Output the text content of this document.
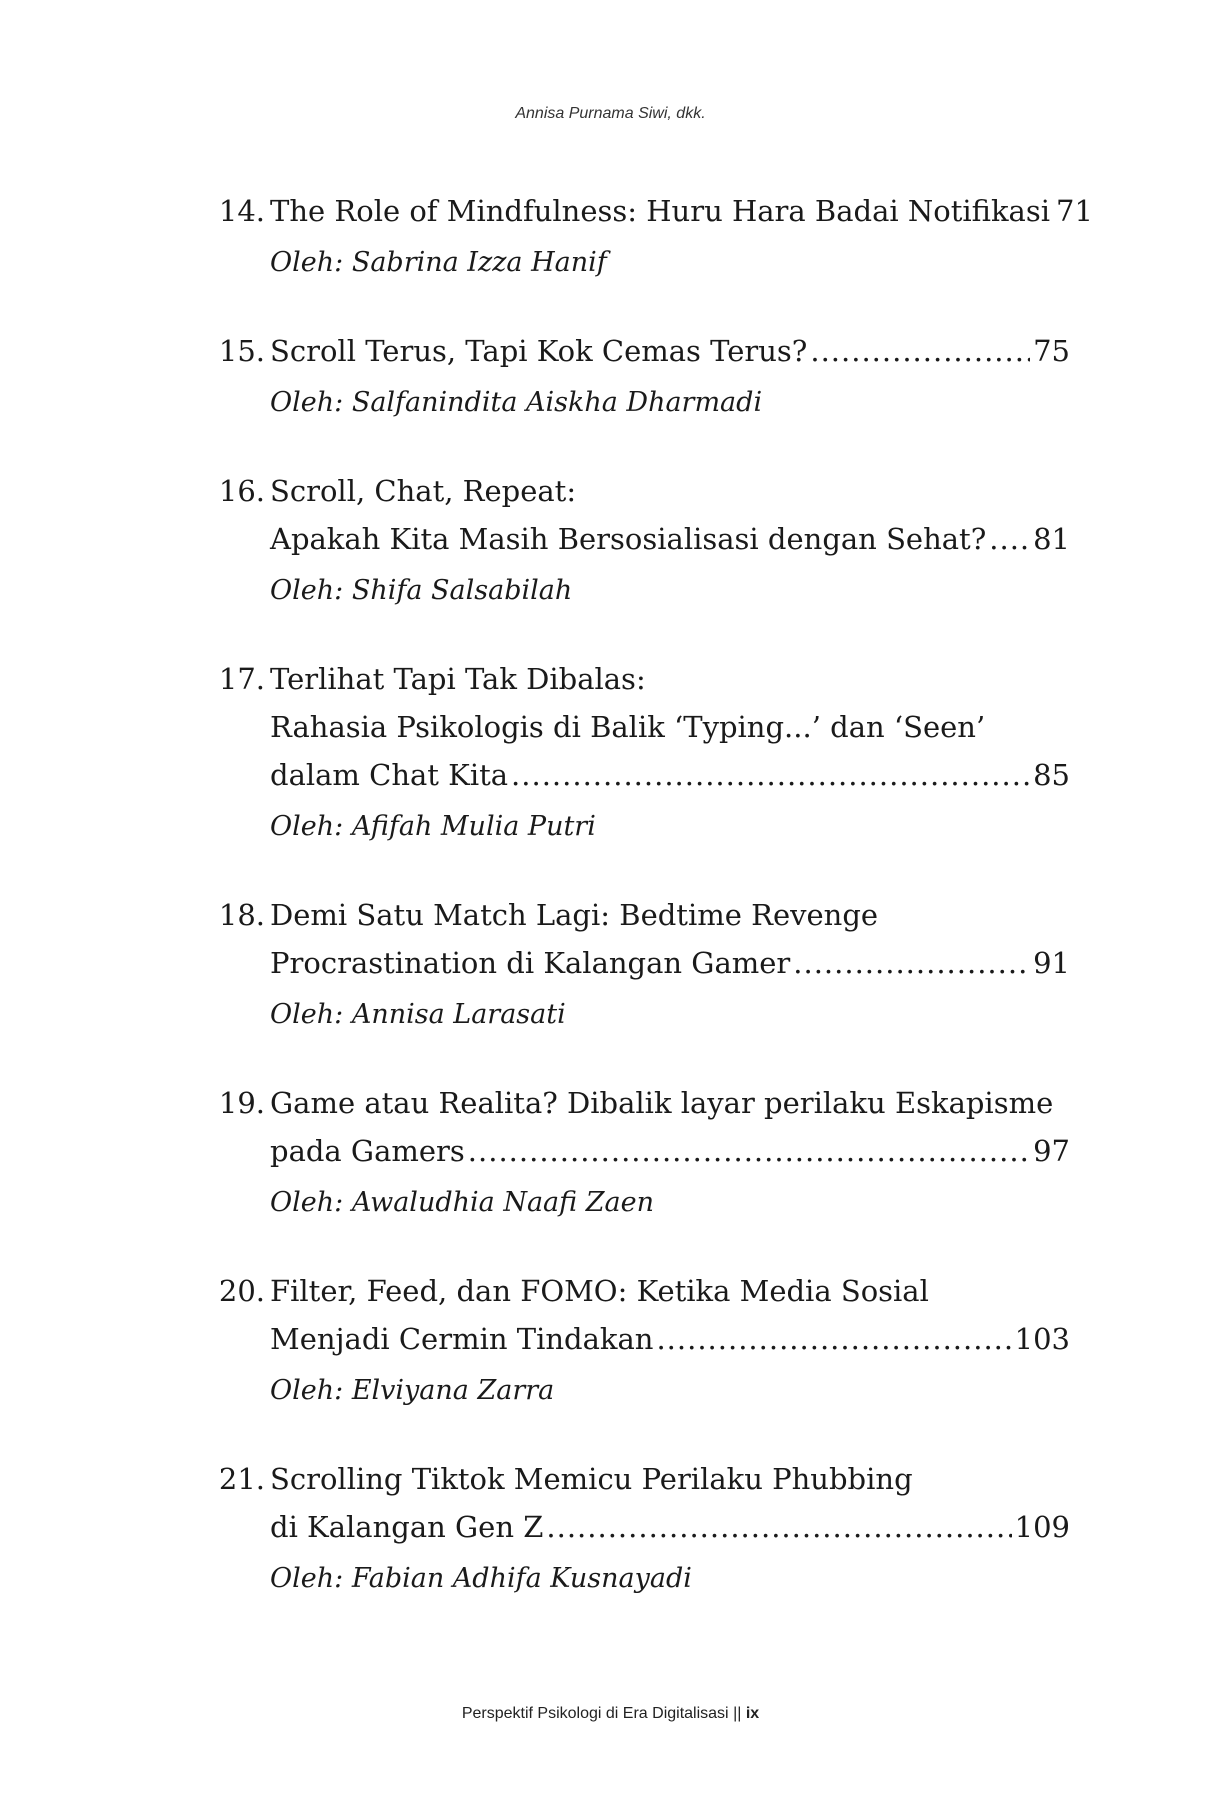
Annisa Purnama Siwi, dkk.
14. The Role of Mindfulness: Huru Hara Badai Notifikasi 71
Oleh: Sabrina Izza Hanif
15. Scroll Terus, Tapi Kok Cemas Terus? .....	75
Oleh: Salfanindita Aiskha Dharmadi
16. Scroll, Chat, Repeat:
Apakah Kita Masih Bersosialisasi dengan Sehat? ..... 81
Oleh: Shifa Salsabilah
17. Terlihat Tapi Tak Dibalas:
Rahasia Psikologis di Balik ‘Typing...’ dan ‘Seen’
dalam Chat Kita .....	85
Oleh: Afifah Mulia Putri
18. Demi Satu Match Lagi: Bedtime Revenge
Procrastination di Kalangan Gamer .....	91
Oleh: Annisa Larasati
19. Game atau Realita? Dibalik layar perilaku Eskapisme
pada Gamers .....	97
Oleh: Awaludhia Naafi Zaen
20. Filter, Feed, dan FOMO: Ketika Media Sosial
Menjadi Cermin Tindakan .....	103
Oleh: Elviyana Zarra
21. Scrolling Tiktok Memicu Perilaku Phubbing
di Kalangan Gen Z .....	109
Oleh: Fabian Adhifa Kusnayadi
Perspektif Psikologi di Era Digitalisasi || ix
